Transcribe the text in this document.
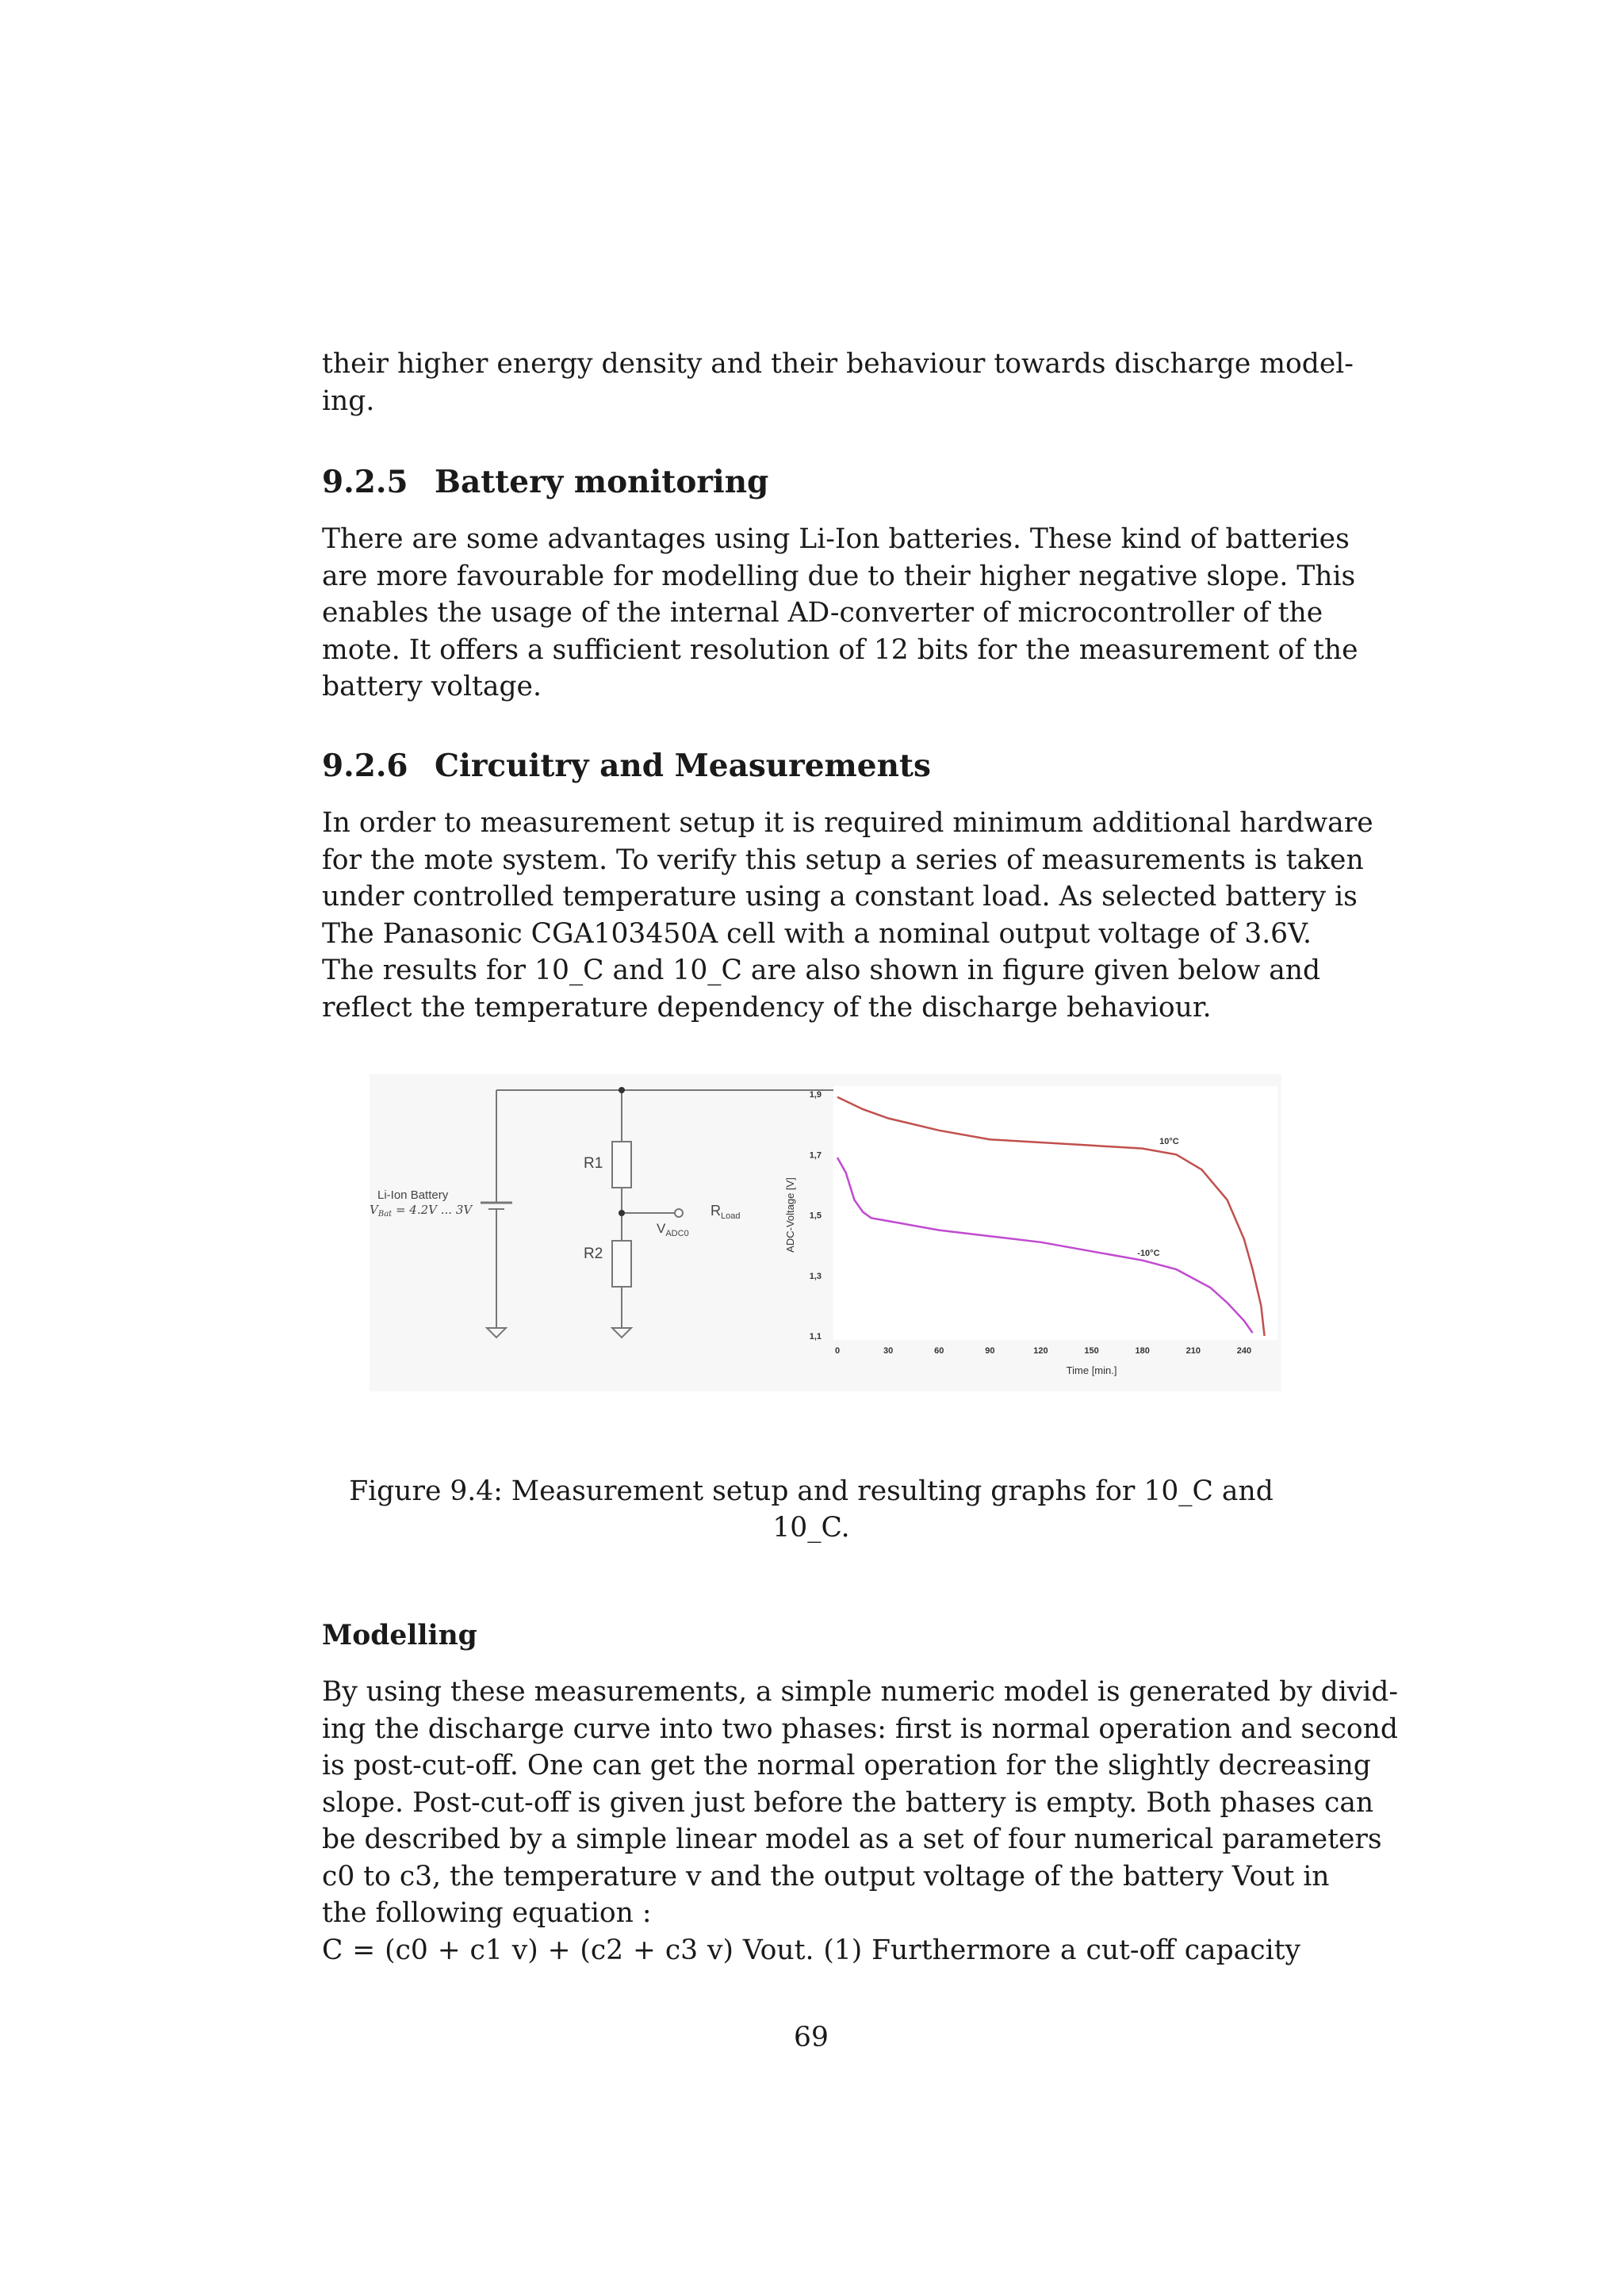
their higher energy density and their behaviour towards discharge model-
ing.
9.2.5 Battery monitoring
There are some advantages using Li-Ion batteries. These kind of batteries
are more favourable for modelling due to their higher negative slope. This
enables the usage of the internal AD-converter of microcontroller of the
mote. It offers a sufficient resolution of 12 bits for the measurement of the
battery voltage.
9.2.6 Circuitry and Measurements
In order to measurement setup it is required minimum additional hardware
for the mote system. To verify this setup a series of measurements is taken
under controlled temperature using a constant load. As selected battery is
The Panasonic CGA103450A cell with a nominal output voltage of 3.6V.
The results for 10_C and 10_C are also shown in figure given below and
reflect the temperature dependency of the discharge behaviour.
Li-Ion Battery
$V_{Bat} = 4.2V$ ... 3V
R1
R2
$V_{ADC0}$
$R_{Load}$
1,9
1,7
1,5
1,3
1,1
0	30	60	90	120	150	180	210	240
Time [min.]
ADC-Voltage [V]
10°C
-10°C
Figure 9.4: Measurement setup and resulting graphs for 10_C and 10_C.
Modelling
By using these measurements, a simple numeric model is generated by divid-
ing the discharge curve into two phases: first is normal operation and second
is post-cut-off. One can get the normal operation for the slightly decreasing
slope. Post-cut-off is given just before the battery is empty. Both phases can
be described by a simple linear model as a set of four numerical parameters
c0 to c3, the temperature v and the output voltage of the battery Vout in
the following equation :
C = (c0 + c1 v) + (c2 + c3 v) Vout. (1) Furthermore a cut-off capacity
69
